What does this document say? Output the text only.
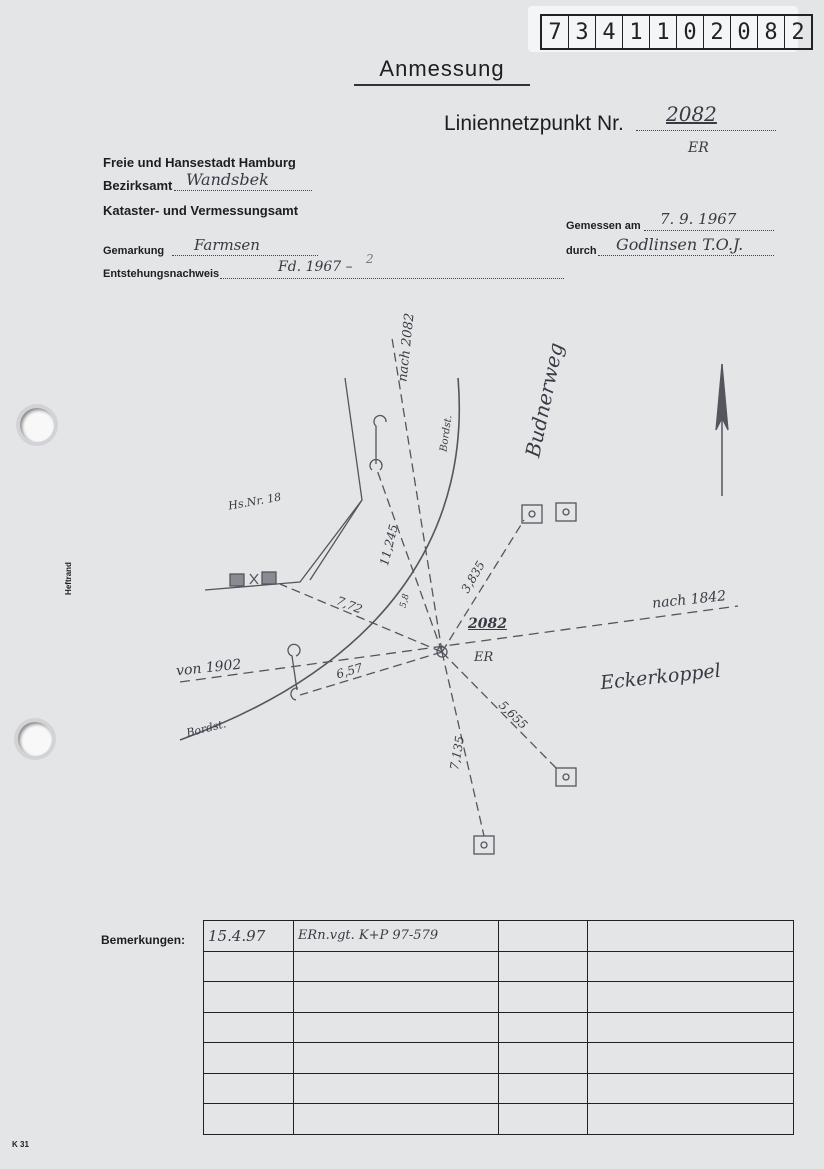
7 3 4 1 1 0 2 0 8 2
Anmessung
Liniennetzpunkt Nr. 2082
ER
Freie und Hansestadt Hamburg
Bezirksamt Wandsbek
Kataster- und Vermessungsamt
Gemarkung Farmsen
Entstehungsnachweis	Fd. 1967 – 2
Gemessen am 7. 9. 1967
durch Godlinsen T.O.J.
Heftrand
K 31
Budnerweg
Eckerkoppel
Hs.Nr. 18
nach 2082
nach 1842
von 1902
Bordst.
Bordst.
2082
ER
11,245
3,835
7,72
6,57
5,655
7,135
5,8
Bemerkungen: 15.4.97	ERn.vgt. K+P 97-579		
